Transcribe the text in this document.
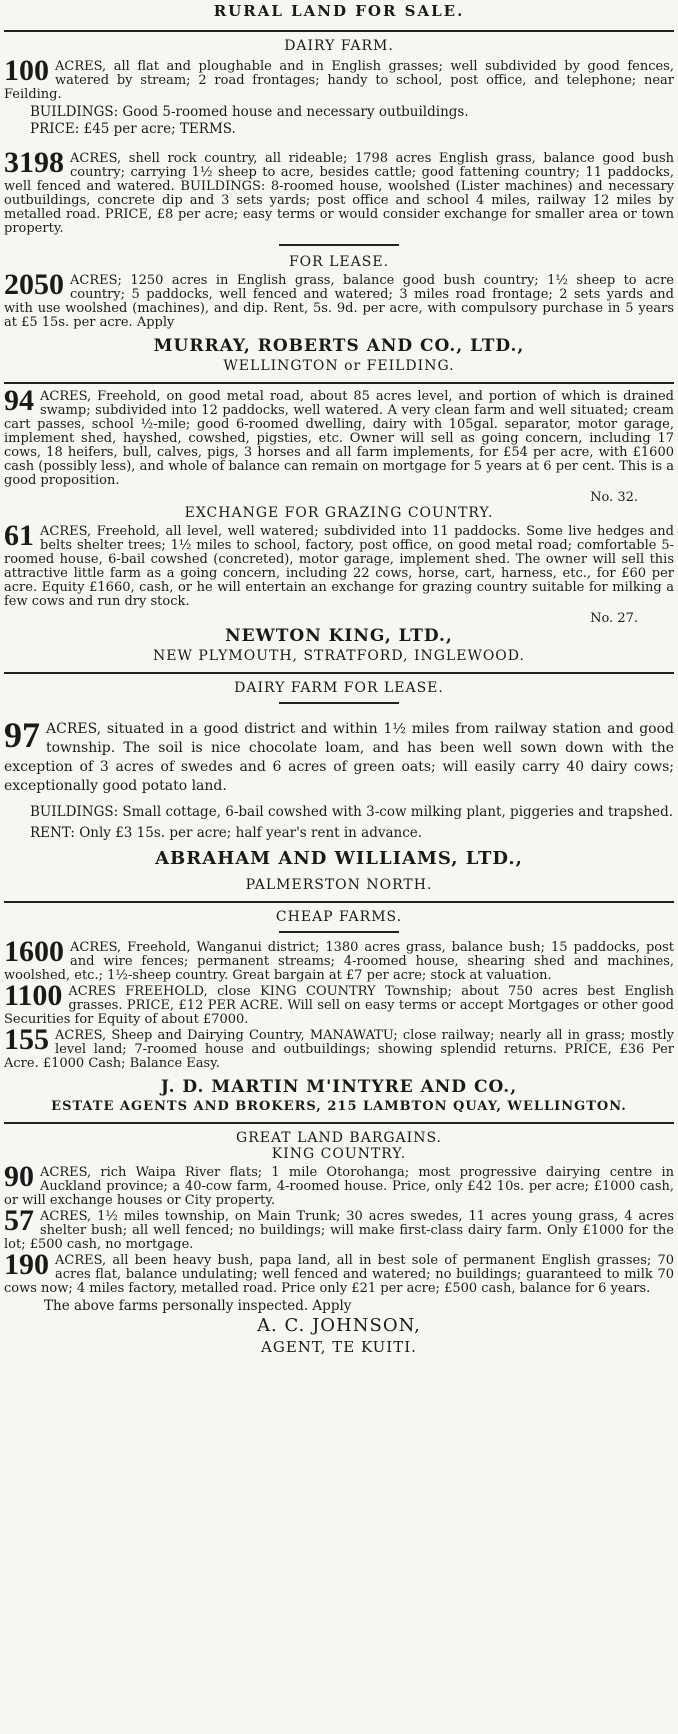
RURAL LAND FOR SALE.
DAIRY FARM.
100 ACRES, all flat and ploughable and in English grasses; well subdivided by good fences, watered by stream; 2 road frontages; handy to school, post office, and telephone; near Feilding.
BUILDINGS: Good 5-roomed house and necessary outbuildings.
PRICE: £45 per acre; TERMS.
3198 ACRES, shell rock country, all rideable; 1798 acres English grass, balance good bush country; carrying 1½ sheep to acre, besides cattle; good fattening country; 11 paddocks, well fenced and watered. BUILDINGS: 8-roomed house, woolshed (Lister machines) and necessary outbuildings, concrete dip and 3 sets yards; post office and school 4 miles, railway 12 miles by metalled road. PRICE, £8 per acre; easy terms or would consider exchange for smaller area or town property.
FOR LEASE.
2050 ACRES; 1250 acres in English grass, balance good bush country; 1½ sheep to acre country; 5 paddocks, well fenced and watered; 3 miles road frontage; 2 sets yards and with use woolshed (machines), and dip. Rent, 5s. 9d. per acre, with compulsory purchase in 5 years at £5 15s. per acre. Apply
MURRAY, ROBERTS AND CO., LTD.,
WELLINGTON or FEILDING.
94 ACRES, Freehold, on good metal road, about 85 acres level, and portion of which is drained swamp; subdivided into 12 paddocks, well watered. A very clean farm and well situated; cream cart passes, school ½-mile; good 6-roomed dwelling, dairy with 105gal. separator, motor garage, implement shed, hayshed, cowshed, pigsties, etc. Owner will sell as going concern, including 17 cows, 18 heifers, bull, calves, pigs, 3 horses and all farm implements, for £54 per acre, with £1600 cash (possibly less), and whole of balance can remain on mortgage for 5 years at 6 per cent. This is a good proposition.
No. 32.
EXCHANGE FOR GRAZING COUNTRY.
61 ACRES, Freehold, all level, well watered; subdivided into 11 paddocks. Some live hedges and belts shelter trees; 1½ miles to school, factory, post office, on good metal road; comfortable 5-roomed house, 6-bail cowshed (concreted), motor garage, implement shed. The owner will sell this attractive little farm as a going concern, including 22 cows, horse, cart, harness, etc., for £60 per acre. Equity £1660, cash, or he will entertain an exchange for grazing country suitable for milking a few cows and run dry stock.
No. 27.
NEWTON KING, LTD.,
NEW PLYMOUTH, STRATFORD, INGLEWOOD.
DAIRY FARM FOR LEASE.
97 ACRES, situated in a good district and within 1½ miles from railway station and good township. The soil is nice chocolate loam, and has been well sown down with the exception of 3 acres of swedes and 6 acres of green oats; will easily carry 40 dairy cows; exceptionally good potato land.
BUILDINGS: Small cottage, 6-bail cowshed with 3-cow milking plant, piggeries and trapshed.
RENT: Only £3 15s. per acre; half year's rent in advance.
ABRAHAM AND WILLIAMS, LTD.,
PALMERSTON NORTH.
CHEAP FARMS.
1600 ACRES, Freehold, Wanganui district; 1380 acres grass, balance bush; 15 paddocks, post and wire fences; permanent streams; 4-roomed house, shearing shed and machines, woolshed, etc.; 1½-sheep country. Great bargain at £7 per acre; stock at valuation.
1100 ACRES FREEHOLD, close KING COUNTRY Township; about 750 acres best English grasses. PRICE, £12 PER ACRE. Will sell on easy terms or accept Mortgages or other good Securities for Equity of about £7000.
155 ACRES, Sheep and Dairying Country, MANAWATU; close railway; nearly all in grass; mostly level land; 7-roomed house and outbuildings; showing splendid returns. PRICE, £36 Per Acre. £1000 Cash; Balance Easy.
J. D. MARTIN M'INTYRE AND CO.,
ESTATE AGENTS AND BROKERS, 215 LAMBTON QUAY, WELLINGTON.
GREAT LAND BARGAINS.
KING COUNTRY.
90 ACRES, rich Waipa River flats; 1 mile Otorohanga; most progressive dairying centre in Auckland province; a 40-cow farm, 4-roomed house. Price, only £42 10s. per acre; £1000 cash, or will exchange houses or City property.
57 ACRES, 1½ miles township, on Main Trunk; 30 acres swedes, 11 acres young grass, 4 acres shelter bush; all well fenced; no buildings; will make first-class dairy farm. Only £1000 for the lot; £500 cash, no mortgage.
190 ACRES, all been heavy bush, papa land, all in best sole of permanent English grasses; 70 acres flat, balance undulating; well fenced and watered; no buildings; guaranteed to milk 70 cows now; 4 miles factory, metalled road. Price only £21 per acre; £500 cash, balance for 6 years.
The above farms personally inspected. Apply
A. C. JOHNSON,
AGENT, TE KUITI.
